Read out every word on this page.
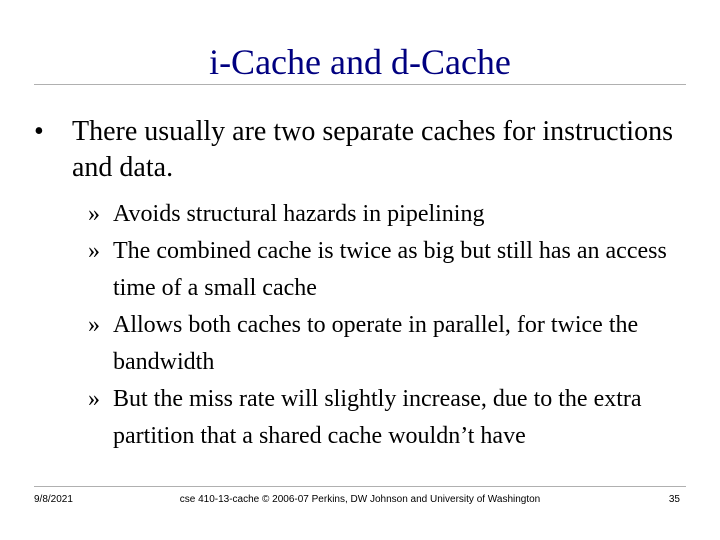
i-Cache and d-Cache
• There usually are two separate caches for instructions and data.
» Avoids structural hazards in pipelining
» The combined cache is twice as big but still has an access time of a small cache
» Allows both caches to operate in parallel, for twice the bandwidth
» But the miss rate will slightly increase, due to the extra partition that a shared cache wouldn’t have
9/8/2021	cse 410-13-cache © 2006-07 Perkins, DW Johnson and University of Washington	35
